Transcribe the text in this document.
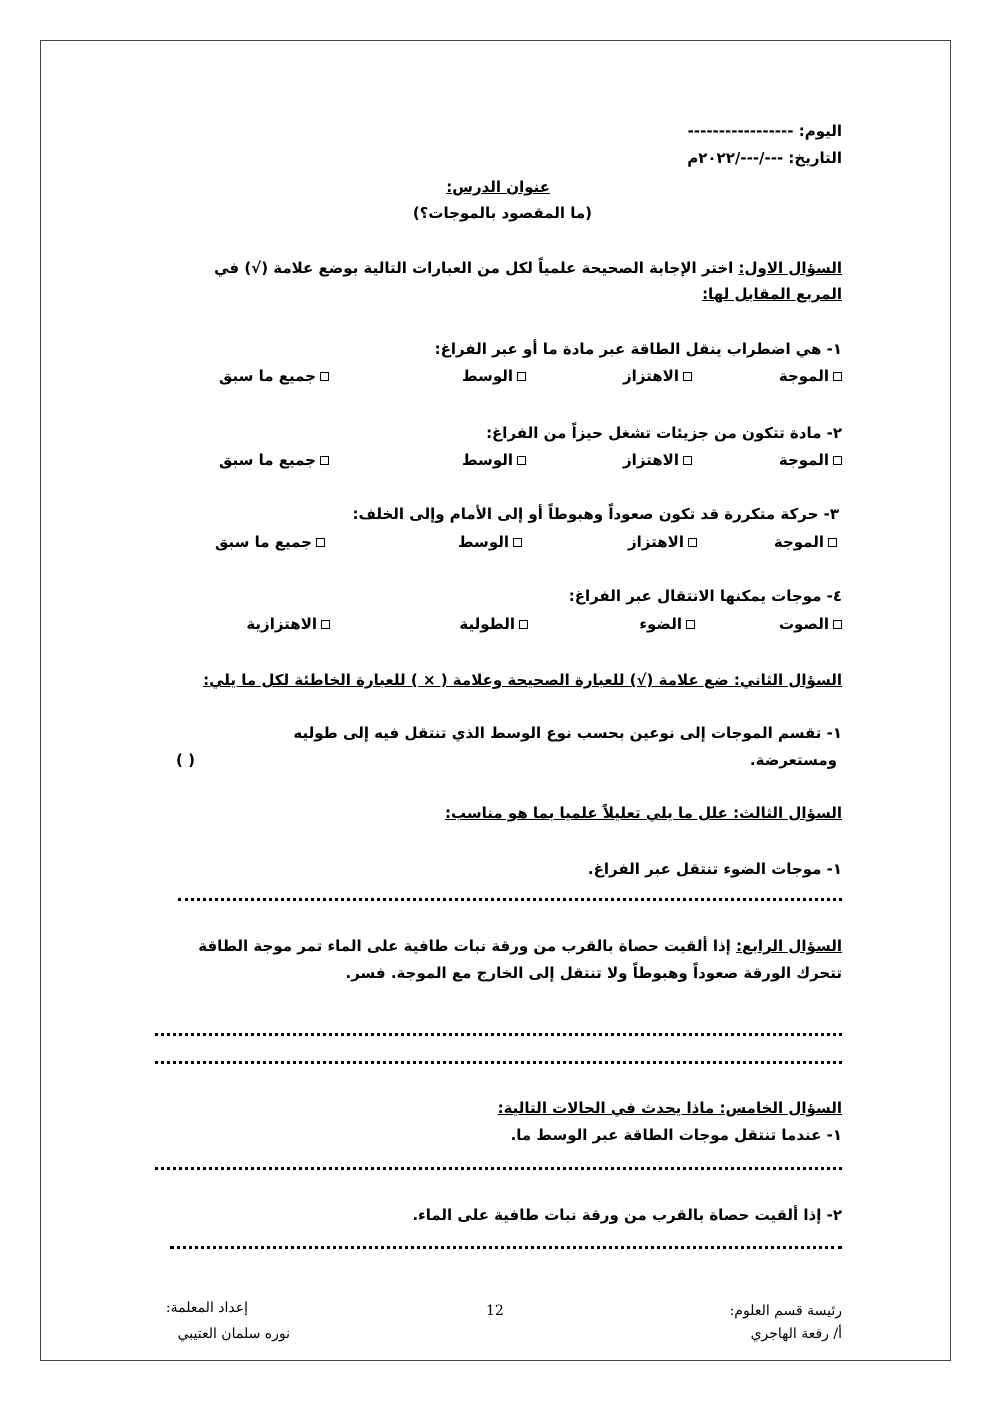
اليوم: -----------------
التاريخ: ---/---/٢٠٢٢م
عنوان الدرس:
(ما المقصود بالموجات؟)
السؤال الاول: اختر الإجابة الصحيحة علمياً لكل من العبارات التالية بوضع علامة (√) في
المربع المقابل لها:
١- هي اضطراب ينقل الطاقة عبر مادة ما أو عبر الفراغ:
الموجة
الاهتزاز
الوسط
جميع ما سبق
٢- مادة تتكون من جزيئات تشغل حيزاً من الفراغ:
الموجة
الاهتزاز
الوسط
جميع ما سبق
٣- حركة متكررة قد تكون صعوداً وهبوطاً أو إلى الأمام وإلى الخلف:
الموجة
الاهتزاز
الوسط
جميع ما سبق
٤- موجات يمكنها الانتقال عبر الفراغ:
الصوت
الضوء
الطولية
الاهتزازية
السؤال الثاني: ضع علامة (√) للعبارة الصحيحة وعلامة ( × ) للعبارة الخاطئة لكل ما يلي:
١- تقسم الموجات إلى نوعين بحسب نوع الوسط الذي تنتقل فيه إلى طوليه
ومستعرضة.
( )
السؤال الثالث: علل ما يلي تعليلاً علميا بما هو مناسب:
١- موجات الضوء تنتقل عبر الفراغ.
السؤال الرابع: إذا ألقيت حصاة بالقرب من ورقة نبات طافية على الماء تمر موجة الطاقة
تتحرك الورقة صعوداً وهبوطاً ولا تنتقل إلى الخارج مع الموجة. فسر.
السؤال الخامس: ماذا يحدث في الحالات التالية:
١- عندما تنتقل موجات الطاقة عبر الوسط ما.
٢- إذا ألقيت حصاة بالقرب من ورقة نبات طافية على الماء.
رئيسة قسم العلوم:
أ/ رفعة الهاجري
12
إعداد المعلمة:
نوره سلمان العتيبي
